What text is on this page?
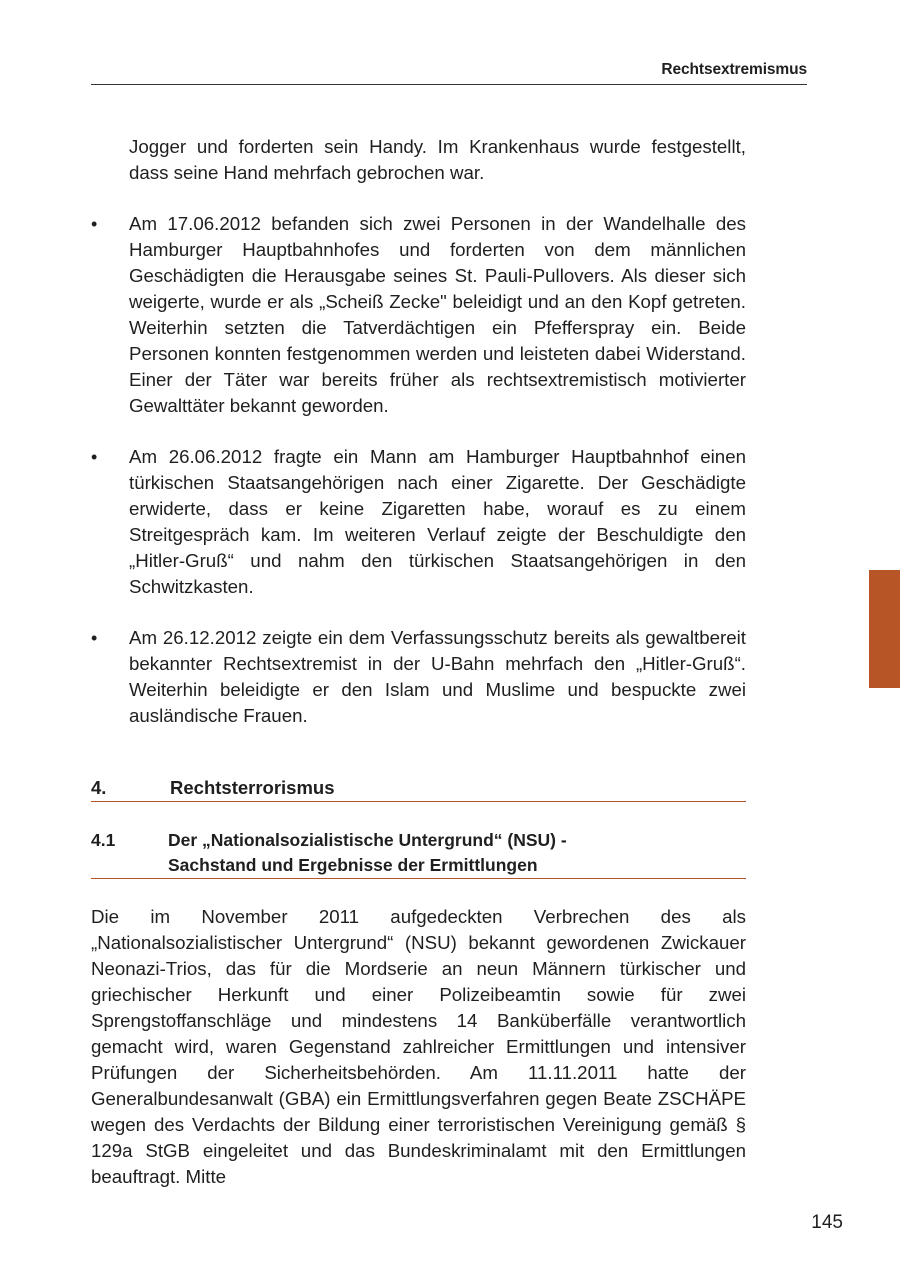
Rechtsextremismus

Jogger und forderten sein Handy. Im Krankenhaus wurde festgestellt, dass seine Hand mehrfach gebrochen war.

• Am 17.06.2012 befanden sich zwei Personen in der Wandelhalle des Hamburger Hauptbahnhofes und forderten von dem männlichen Geschädigten die Herausgabe seines St. Pauli-Pullovers. Als dieser sich weigerte, wurde er als „Scheiß Zecke" beleidigt und an den Kopf getreten. Weiterhin setzten die Tatverdächtigen ein Pfefferspray ein. Beide Personen konnten festgenommen werden und leisteten dabei Widerstand. Einer der Täter war bereits früher als rechtsextremistisch motivierter Gewalttäter bekannt geworden.

• Am 26.06.2012 fragte ein Mann am Hamburger Hauptbahnhof einen türkischen Staatsangehörigen nach einer Zigarette. Der Geschädigte erwiderte, dass er keine Zigaretten habe, worauf es zu einem Streitgespräch kam. Im weiteren Verlauf zeigte der Beschuldigte den „Hitler-Gruß“ und nahm den türkischen Staatsangehörigen in den Schwitzkasten.

• Am 26.12.2012 zeigte ein dem Verfassungsschutz bereits als gewaltbereit bekannter Rechtsextremist in der U-Bahn mehrfach den „Hitler-Gruß“. Weiterhin beleidigte er den Islam und Muslime und bespuckte zwei ausländische Frauen.

4.	Rechtsterrorismus
4.1	Der „Nationalsozialistische Untergrund“ (NSU) -
Sachstand und Ergebnisse der Ermittlungen

Die im November 2011 aufgedeckten Verbrechen des als „Nationalsozialistischer Untergrund“ (NSU) bekannt gewordenen Zwickauer Neonazi-Trios, das für die Mordserie an neun Männern türkischer und griechischer Herkunft und einer Polizeibeamtin sowie für zwei Sprengstoffanschläge und mindestens 14 Banküberfälle verantwortlich gemacht wird, waren Gegenstand zahlreicher Ermittlungen und intensiver Prüfungen der Sicherheitsbehörden. Am 11.11.2011 hatte der Generalbundesanwalt (GBA) ein Ermittlungsverfahren gegen Beate ZSCHÄPE wegen des Verdachts der Bildung einer terroristischen Vereinigung gemäß § 129a StGB eingeleitet und das Bundeskriminalamt mit den Ermittlungen beauftragt. Mitte

145
